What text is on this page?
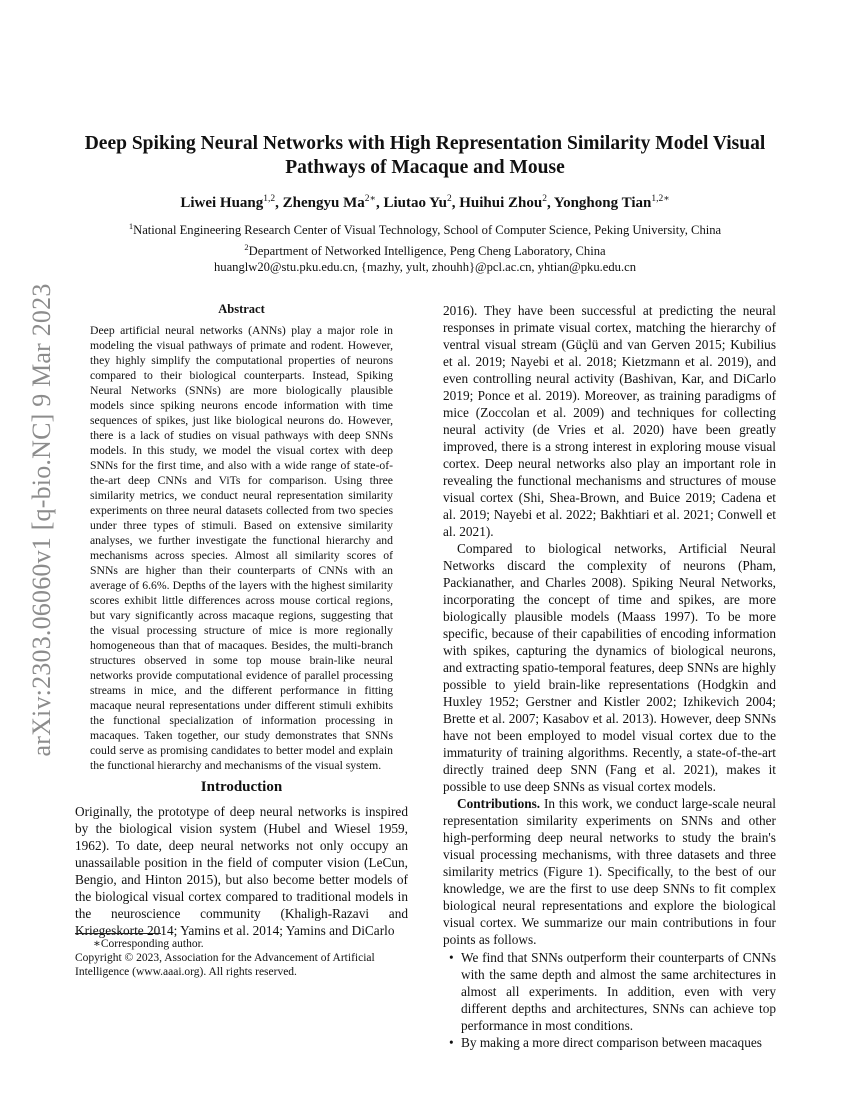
arXiv:2303.06060v1 [q-bio.NC] 9 Mar 2023
Deep Spiking Neural Networks with High Representation Similarity Model Visual Pathways of Macaque and Mouse
Liwei Huang$^{1,2}$, Zhengyu $Ma^{2∗}$, Liutao Yu$^2$, Huihui Zhou$^2$, Yonghong Tian$^{1,2∗}$
$^1$National Engineering Research Center of Visual Technology, School of Computer Science, Peking University, China
$^2$Department of Networked Intelligence, Peng Cheng Laboratory, China
huanglw20@stu.pku.edu.cn, {mazhy, yult, zhouhh}@pcl.ac.cn, yhtian@pku.edu.cn
Abstract
Deep artificial neural networks (ANNs) play a major role in modeling the visual pathways of primate and rodent. However, they highly simplify the computational properties of neurons compared to their biological counterparts. Instead, Spiking Neural Networks (SNNs) are more biologically plausible models since spiking neurons encode information with time sequences of spikes, just like biological neurons do. However, there is a lack of studies on visual pathways with deep SNNs models. In this study, we model the visual cortex with deep SNNs for the first time, and also with a wide range of state-of-the-art deep CNNs and ViTs for comparison. Using three similarity metrics, we conduct neural representation similarity experiments on three neural datasets collected from two species under three types of stimuli. Based on extensive similarity analyses, we further investigate the functional hierarchy and mechanisms across species. Almost all similarity scores of SNNs are higher than their counterparts of CNNs with an average of 6.6%. Depths of the layers with the highest similarity scores exhibit little differences across mouse cortical regions, but vary significantly across macaque regions, suggesting that the visual processing structure of mice is more regionally homogeneous than that of macaques. Besides, the multi-branch structures observed in some top mouse brain-like neural networks provide computational evidence of parallel processing streams in mice, and the different performance in fitting macaque neural representations under different stimuli exhibits the functional specialization of information processing in macaques. Taken together, our study demonstrates that SNNs could serve as promising candidates to better model and explain the functional hierarchy and mechanisms of the visual system.
Introduction
Originally, the prototype of deep neural networks is inspired by the biological vision system (Hubel and Wiesel 1959, 1962). To date, deep neural networks not only occupy an unassailable position in the field of computer vision (LeCun, Bengio, and Hinton 2015), but also become better models of the biological visual cortex compared to traditional models in the neuroscience community (Khaligh-Razavi and Kriegeskorte 2014; Yamins et al. 2014; Yamins and DiCarlo
∗Corresponding author.
Copyright © 2023, Association for the Advancement of Artificial Intelligence (www.aaai.org). All rights reserved.

2016). They have been successful at predicting the neural responses in primate visual cortex, matching the hierarchy of ventral visual stream (Güçlü and van Gerven 2015; Kubilius et al. 2019; Nayebi et al. 2018; Kietzmann et al. 2019), and even controlling neural activity (Bashivan, Kar, and DiCarlo 2019; Ponce et al. 2019). Moreover, as training paradigms of mice (Zoccolan et al. 2009) and techniques for collecting neural activity (de Vries et al. 2020) have been greatly improved, there is a strong interest in exploring mouse visual cortex. Deep neural networks also play an important role in revealing the functional mechanisms and structures of mouse visual cortex (Shi, Shea-Brown, and Buice 2019; Cadena et al. 2019; Nayebi et al. 2022; Bakhtiari et al. 2021; Conwell et al. 2021).

Compared to biological networks, Artificial Neural Networks discard the complexity of neurons (Pham, Packianather, and Charles 2008). Spiking Neural Networks, incorporating the concept of time and spikes, are more biologically plausible models (Maass 1997). To be more specific, because of their capabilities of encoding information with spikes, capturing the dynamics of biological neurons, and extracting spatio-temporal features, deep SNNs are highly possible to yield brain-like representations (Hodgkin and Huxley 1952; Gerstner and Kistler 2002; Izhikevich 2004; Brette et al. 2007; Kasabov et al. 2013). However, deep SNNs have not been employed to model visual cortex due to the immaturity of training algorithms. Recently, a state-of-the-art directly trained deep SNN (Fang et al. 2021), makes it possible to use deep SNNs as visual cortex models.

Contributions. In this work, we conduct large-scale neural representation similarity experiments on SNNs and other high-performing deep neural networks to study the brain's visual processing mechanisms, with three datasets and three similarity metrics (Figure 1). Specifically, to the best of our knowledge, we are the first to use deep SNNs to fit complex biological neural representations and explore the biological visual cortex. We summarize our main contributions in four points as follows.

• We find that SNNs outperform their counterparts of CNNs with the same depth and almost the same architectures in almost all experiments. In addition, even with very different depths and architectures, SNNs can achieve top performance in most conditions.
• By making a more direct comparison between macaques
